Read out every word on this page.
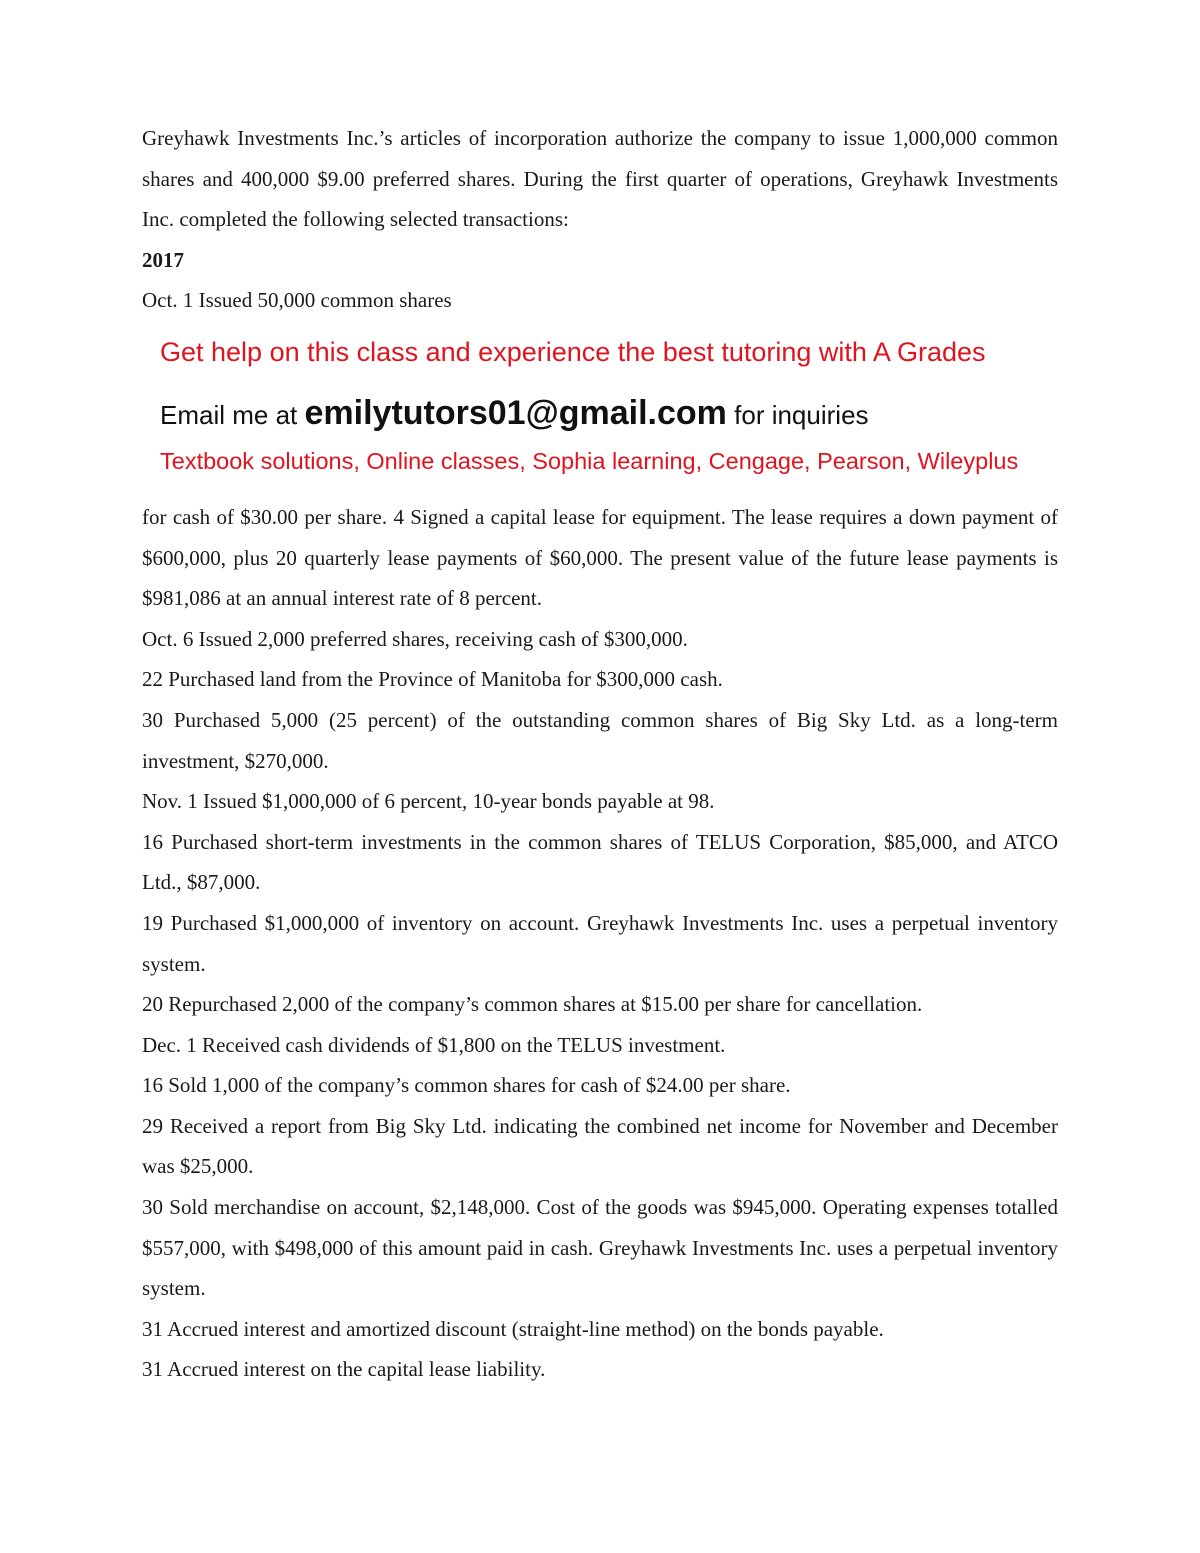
Greyhawk Investments Inc.’s articles of incorporation authorize the company to issue 1,000,000 common shares and 400,000 $9.00 preferred shares. During the first quarter of operations, Greyhawk Investments Inc. completed the following selected transactions:

2017

Oct. 1 Issued 50,000 common shares

Get help on this class and experience the best tutoring with A Grades
Email me at emilytutors01@gmail.com for inquiries
Textbook solutions, Online classes, Sophia learning, Cengage, Pearson, Wileyplus

for cash of $30.00 per share. 4 Signed a capital lease for equipment. The lease requires a down payment of $600,000, plus 20 quarterly lease payments of $60,000. The present value of the future lease payments is $981,086 at an annual interest rate of 8 percent.

Oct. 6 Issued 2,000 preferred shares, receiving cash of $300,000.

22 Purchased land from the Province of Manitoba for $300,000 cash.

30 Purchased 5,000 (25 percent) of the outstanding common shares of Big Sky Ltd. as a long-term investment, $270,000.

Nov. 1 Issued $1,000,000 of 6 percent, 10-year bonds payable at 98.

16 Purchased short-term investments in the common shares of TELUS Corporation, $85,000, and ATCO Ltd., $87,000.

19 Purchased $1,000,000 of inventory on account. Greyhawk Investments Inc. uses a perpetual inventory system.

20 Repurchased 2,000 of the company’s common shares at $15.00 per share for cancellation.

Dec. 1 Received cash dividends of $1,800 on the TELUS investment.

16 Sold 1,000 of the company’s common shares for cash of $24.00 per share.

29 Received a report from Big Sky Ltd. indicating the combined net income for November and December was $25,000.

30 Sold merchandise on account, $2,148,000. Cost of the goods was $945,000. Operating expenses totalled $557,000, with $498,000 of this amount paid in cash. Greyhawk Investments Inc. uses a perpetual inventory system.

31 Accrued interest and amortized discount (straight-line method) on the bonds payable.

31 Accrued interest on the capital lease liability.
